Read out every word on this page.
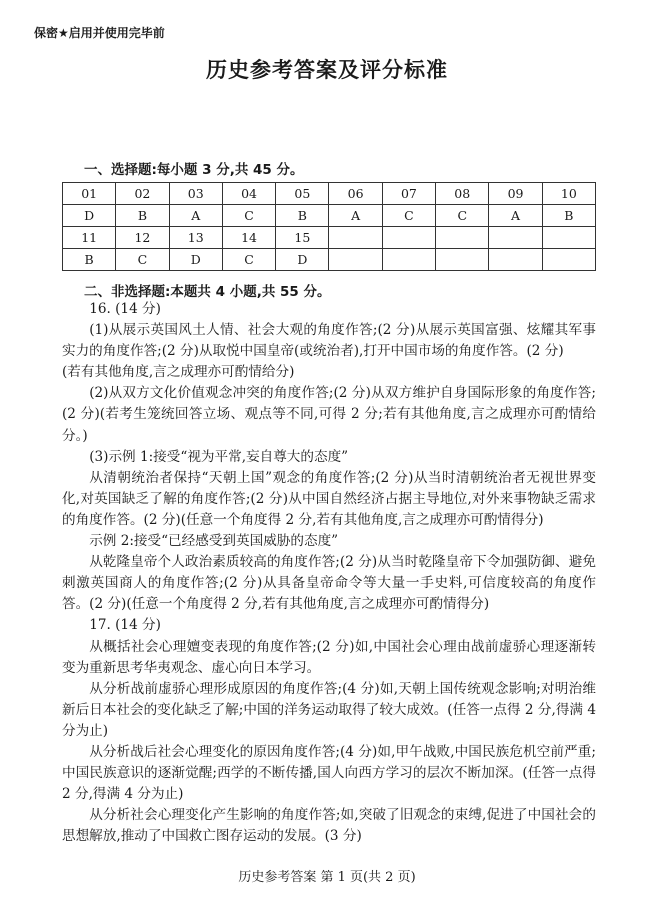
保密★启用并使用完毕前
历史参考答案及评分标准
一、选择题:每小题 3 分,共 45 分。
01	02	03	04	05	06	07	08	09	10
D	B	A	C	B	A	C	C	A	B
11	12	13	14	15					
B	C	D	C	D					
二、非选择题:本题共 4 小题,共 55 分。

16. (14 分)

(1)从展示英国风土人情、社会大观的角度作答;(2 分)从展示英国富强、炫耀其军事实力的角度作答;(2 分)从取悦中国皇帝(或统治者),打开中国市场的角度作答。(2 分)

(若有其他角度,言之成理亦可酌情给分)

(2)从双方文化价值观念冲突的角度作答;(2 分)从双方维护自身国际形象的角度作答;(2 分)(若考生笼统回答立场、观点等不同,可得 2 分;若有其他角度,言之成理亦可酌情给分。)

(3)示例 1:接受“视为平常,妄自尊大的态度”

从清朝统治者保持“天朝上国”观念的角度作答;(2 分)从当时清朝统治者无视世界变化,对英国缺乏了解的角度作答;(2 分)从中国自然经济占据主导地位,对外来事物缺乏需求的角度作答。(2 分)(任意一个角度得 2 分,若有其他角度,言之成理亦可酌情得分)

示例 2:接受“已经感受到英国威胁的态度”

从乾隆皇帝个人政治素质较高的角度作答;(2 分)从当时乾隆皇帝下令加强防御、避免刺激英国商人的角度作答;(2 分)从具备皇帝命令等大量一手史料,可信度较高的角度作答。(2 分)(任意一个角度得 2 分,若有其他角度,言之成理亦可酌情得分)

17. (14 分)

从概括社会心理嬗变表现的角度作答;(2 分)如,中国社会心理由战前虚骄心理逐渐转变为重新思考华夷观念、虚心向日本学习。

从分析战前虚骄心理形成原因的角度作答;(4 分)如,天朝上国传统观念影响;对明治维新后日本社会的变化缺乏了解;中国的洋务运动取得了较大成效。(任答一点得 2 分,得满 4 分为止)

从分析战后社会心理变化的原因角度作答;(4 分)如,甲午战败,中国民族危机空前严重;中国民族意识的逐渐觉醒;西学的不断传播,国人向西方学习的层次不断加深。(任答一点得 2 分,得满 4 分为止)

从分析社会心理变化产生影响的角度作答;如,突破了旧观念的束缚,促进了中国社会的思想解放,推动了中国救亡图存运动的发展。(3 分)

历史参考答案 第 1 页(共 2 页)
